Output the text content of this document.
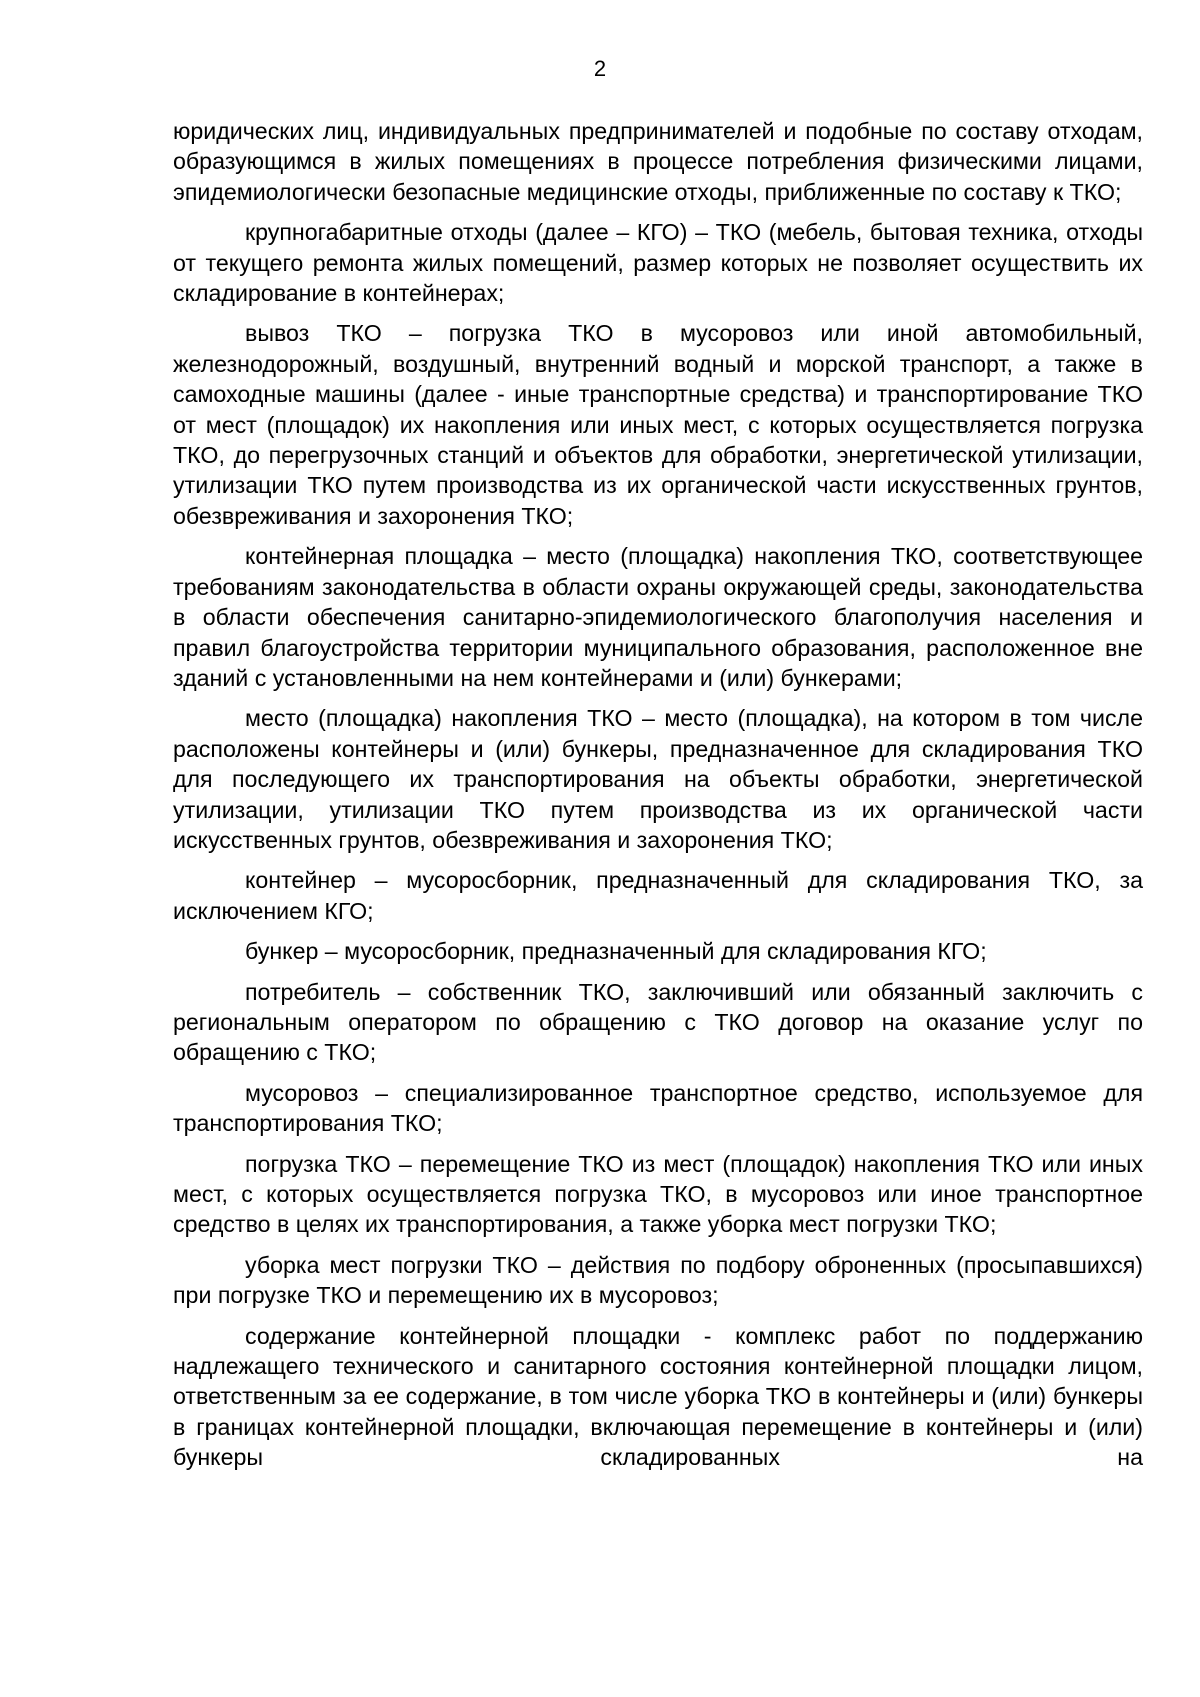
2

юридических лиц, индивидуальных предпринимателей и подобные по составу отходам, образующимся в жилых помещениях в процессе потребления физическими лицами, эпидемиологически безопасные медицинские отходы, приближенные по составу к ТКО;

крупногабаритные отходы (далее – КГО) – ТКО (мебель, бытовая техника, отходы от текущего ремонта жилых помещений, размер которых не позволяет осуществить их складирование в контейнерах;

вывоз ТКО – погрузка ТКО в мусоровоз или иной автомобильный, железнодорожный, воздушный, внутренний водный и морской транспорт, а также в самоходные машины (далее - иные транспортные средства) и транспортирование ТКО от мест (площадок) их накопления или иных мест, с которых осуществляется погрузка ТКО, до перегрузочных станций и объектов для обработки, энергетической утилизации, утилизации ТКО путем производства из их органической части искусственных грунтов, обезвреживания и захоронения ТКО;

контейнерная площадка – место (площадка) накопления ТКО, соответствующее требованиям законодательства в области охраны окружающей среды, законодательства в области обеспечения санитарно-эпидемиологического благополучия населения и правил благоустройства территории муниципального образования, расположенное вне зданий с установленными на нем контейнерами и (или) бункерами;

место (площадка) накопления ТКО – место (площадка), на котором в том числе расположены контейнеры и (или) бункеры, предназначенное для складирования ТКО для последующего их транспортирования на объекты обработки, энергетической утилизации, утилизации ТКО путем производства из их органической части искусственных грунтов, обезвреживания и захоронения ТКО;

контейнер – мусоросборник, предназначенный для складирования ТКО, за исключением КГО;

бункер – мусоросборник, предназначенный для складирования КГО;

потребитель – собственник ТКО, заключивший или обязанный заключить с региональным оператором по обращению с ТКО договор на оказание услуг по обращению с ТКО;

мусоровоз – специализированное транспортное средство, используемое для транспортирования ТКО;

погрузка ТКО – перемещение ТКО из мест (площадок) накопления ТКО или иных мест, с которых осуществляется погрузка ТКО, в мусоровоз или иное транспортное средство в целях их транспортирования, а также уборка мест погрузки ТКО;

уборка мест погрузки ТКО – действия по подбору оброненных (просыпавшихся) при погрузке ТКО и перемещению их в мусоровоз;

содержание контейнерной площадки - комплекс работ по поддержанию надлежащего технического и санитарного состояния контейнерной площадки лицом, ответственным за ее содержание, в том числе уборка ТКО в контейнеры и (или) бункеры в границах контейнерной площадки, включающая перемещение в контейнеры и (или) бункеры складированных на
